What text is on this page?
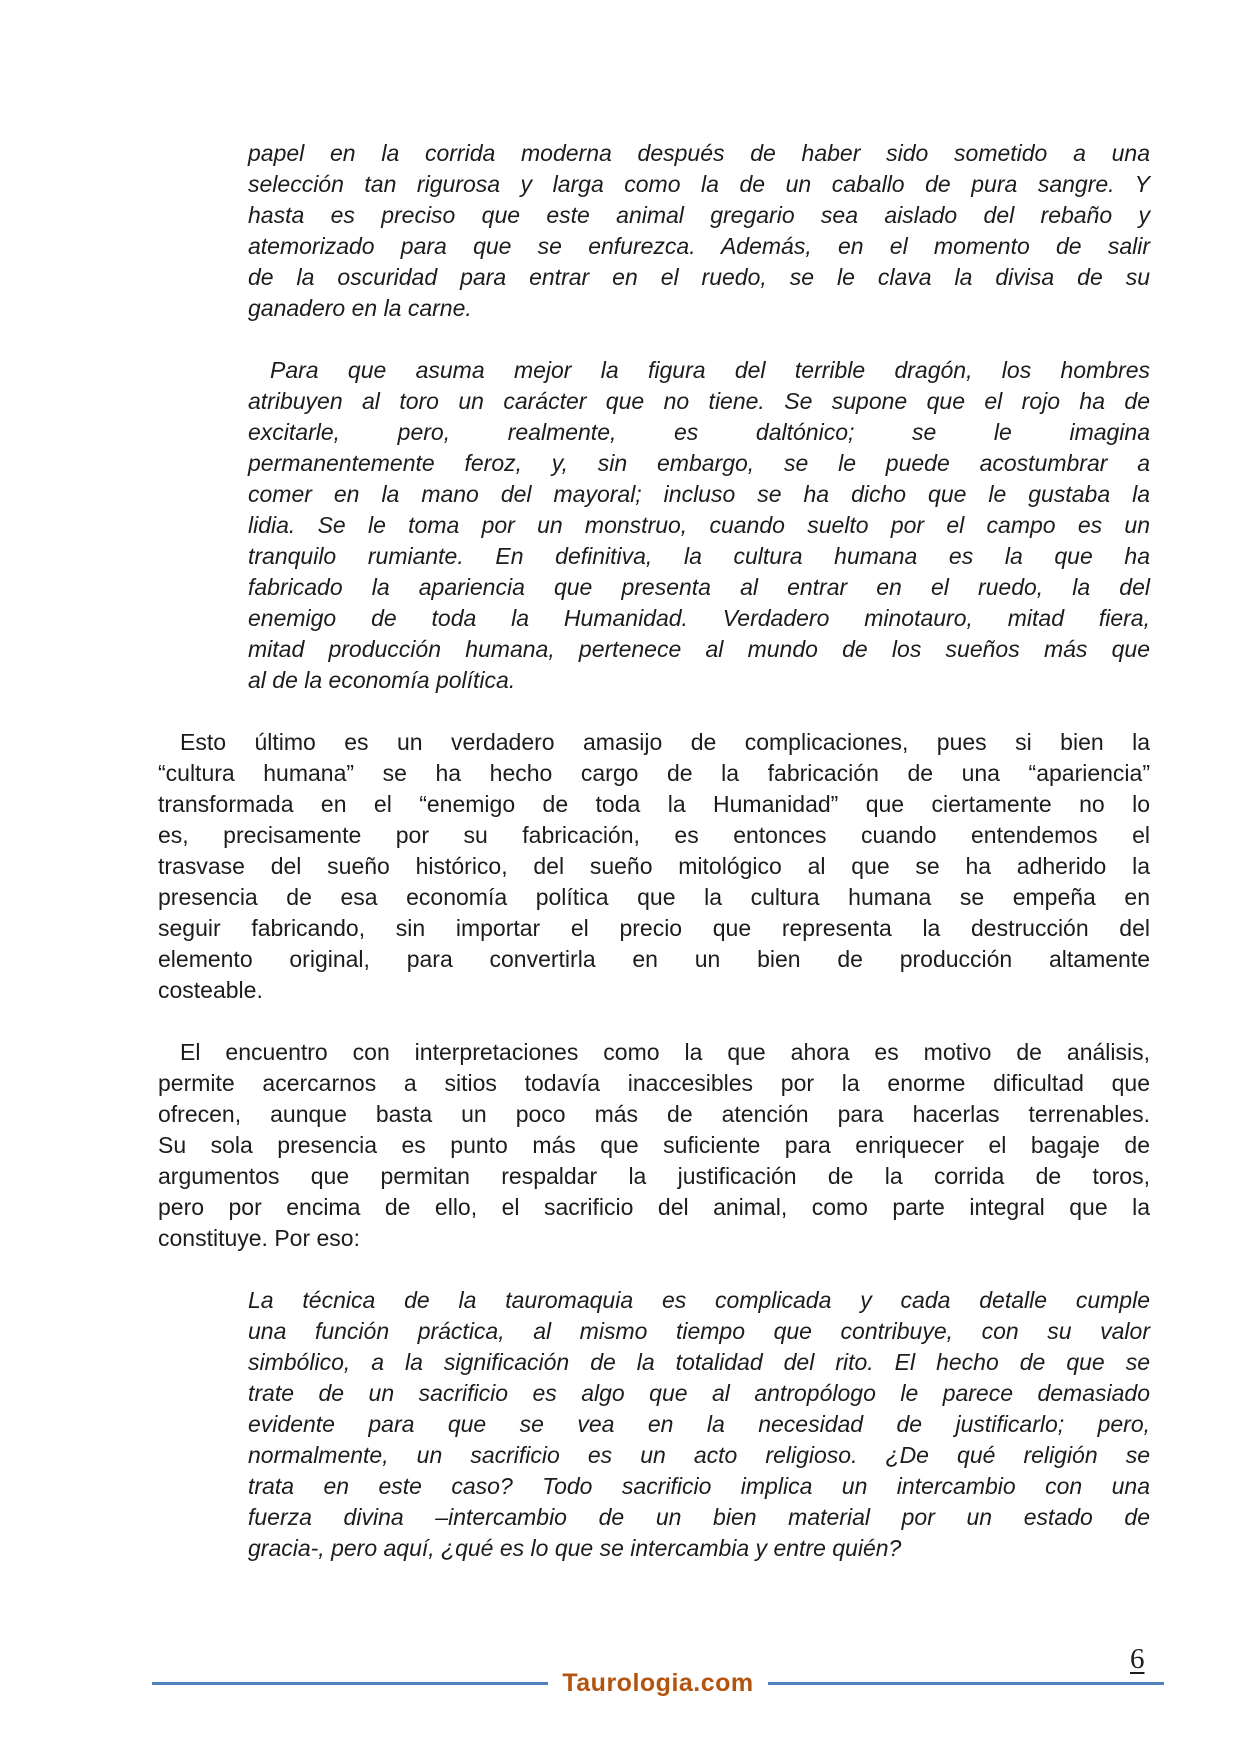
papel en la corrida moderna después de haber sido sometido a una
selección tan rigurosa y larga como la de un caballo de pura sangre. Y
hasta es preciso que este animal gregario sea aislado del rebaño y
atemorizado para que se enfurezca. Además, en el momento de salir
de la oscuridad para entrar en el ruedo, se le clava la divisa de su
ganadero en la carne.
Para que asuma mejor la figura del terrible dragón, los hombres
atribuyen al toro un carácter que no tiene. Se supone que el rojo ha de
excitarle, pero, realmente, es daltónico; se le imagina
permanentemente feroz, y, sin embargo, se le puede acostumbrar a
comer en la mano del mayoral; incluso se ha dicho que le gustaba la
lidia. Se le toma por un monstruo, cuando suelto por el campo es un
tranquilo rumiante. En definitiva, la cultura humana es la que ha
fabricado la apariencia que presenta al entrar en el ruedo, la del
enemigo de toda la Humanidad. Verdadero minotauro, mitad fiera,
mitad producción humana, pertenece al mundo de los sueños más que
al de la economía política.
Esto último es un verdadero amasijo de complicaciones, pues si bien la
“cultura humana” se ha hecho cargo de la fabricación de una “apariencia”
transformada en el “enemigo de toda la Humanidad” que ciertamente no lo
es, precisamente por su fabricación, es entonces cuando entendemos el
trasvase del sueño histórico, del sueño mitológico al que se ha adherido la
presencia de esa economía política que la cultura humana se empeña en
seguir fabricando, sin importar el precio que representa la destrucción del
elemento original, para convertirla en un bien de producción altamente
costeable.
El encuentro con interpretaciones como la que ahora es motivo de análisis,
permite acercarnos a sitios todavía inaccesibles por la enorme dificultad que
ofrecen, aunque basta un poco más de atención para hacerlas terrenables.
Su sola presencia es punto más que suficiente para enriquecer el bagaje de
argumentos que permitan respaldar la justificación de la corrida de toros,
pero por encima de ello, el sacrificio del animal, como parte integral que la
constituye. Por eso:
La técnica de la tauromaquia es complicada y cada detalle cumple
una función práctica, al mismo tiempo que contribuye, con su valor
simbólico, a la significación de la totalidad del rito. El hecho de que se
trate de un sacrificio es algo que al antropólogo le parece demasiado
evidente para que se vea en la necesidad de justificarlo; pero,
normalmente, un sacrificio es un acto religioso. ¿De qué religión se
trata en este caso? Todo sacrificio implica un intercambio con una
fuerza divina –intercambio de un bien material por un estado de
gracia-, pero aquí, ¿qué es lo que se intercambia y entre quién?
6
Taurologia.com
